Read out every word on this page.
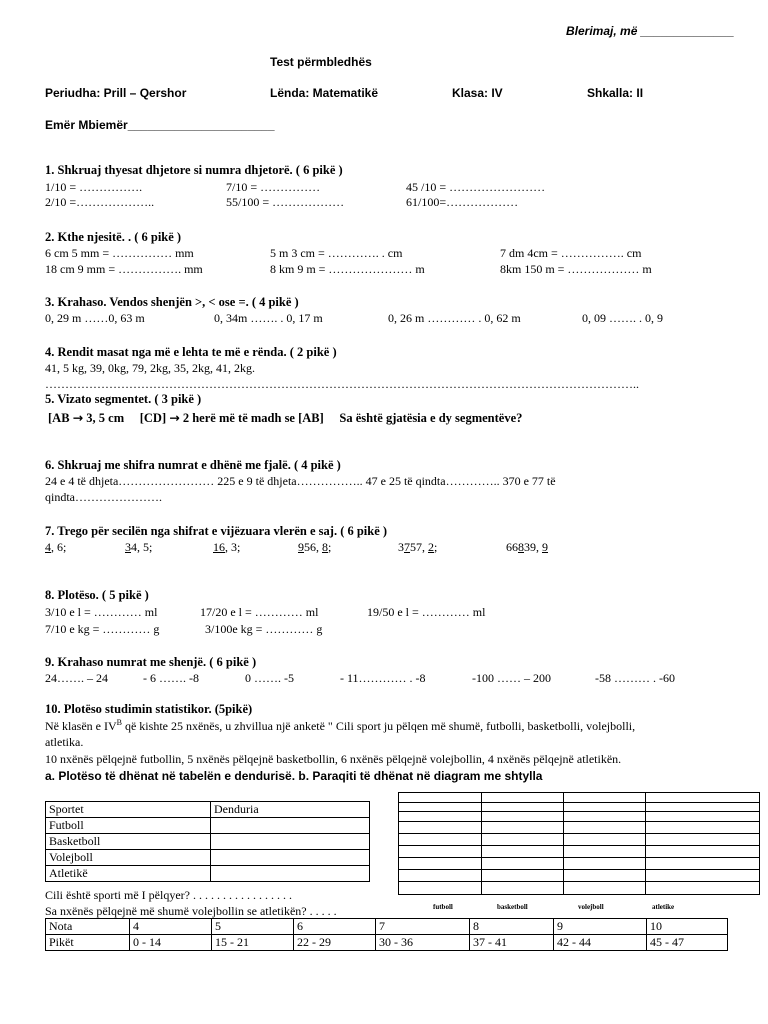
Blerimaj, më ______________
Test përmbledhës
Periudha: Prill – Qershor	Lënda: Matematikë	Klasa: IV	Shkalla: II
Emër Mbiemër______________________
1. Shkruaj thyesat dhjetore si numra dhjetorë. ( 6 pikë )
1/10 = …………….	7/10 = ……………	45 /10 = ……………………
2/10 =………………..	55/100 = ………………	61/100=………………
2. Kthe njesitë. . ( 6 pikë )
6 cm 5 mm = …………… mm	5 m 3 cm = …………. . cm	7 dm 4cm = ……………. cm
18 cm 9 mm = ……………. mm	8 km 9 m = ………………… m	8km 150 m = ……………… m
3. Krahaso. Vendos shenjën >, < ose =. ( 4 pikë )
0, 29 m ……0, 63 m	0, 34m ……. . 0, 17 m	0, 26 m ………… . 0, 62 m	0, 09 ……. . 0, 9
4. Rendit masat nga më e lehta te më e rënda. ( 2 pikë )
41, 5 kg, 39, 0kg, 79, 2kg, 35, 2kg, 41, 2kg.
…………………………………………………………………………………………………………………………………..
5. Vizato segmentet. ( 3 pikë )
[AB → 3, 5 cm [CD] → 2 herë më të madh se [AB] Sa është gjatësia e dy segmentëve?
6. Shkruaj me shifra numrat e dhënë me fjalë. ( 4 pikë )
24 e 4 të dhjeta…………………… 225 e 9 të dhjeta…………….. 47 e 25 të qindta………….. 370 e 77 të
qindta………………….
7. Trego për secilën nga shifrat e vijëzuara vlerën e saj. ( 6 pikë )
4, 6;	34, 5;	16, 3;	956, 8;	3757, 2;	66839, 9
8. Plotëso. ( 5 pikë )
3/10 e l = ………… ml	17/20 e l = ………… ml	19/50 e l = ………… ml
7/10 e kg = ………… g	3/100e kg = ………… g
9. Krahaso numrat me shenjë. ( 6 pikë )
24……. – 24	- 6 ……. -8	0 ……. -5	- 11………… . -8	-100 …… – 200	-58 ……… . -60
10. Plotëso studimin statistikor. (5pikë)
Në klasën e $IV^B$ që kishte 25 nxënës, u zhvillua një anketë " Cili sport ju pëlqen më shumë, futbolli, basketbolli, volejbolli,
atletika.
10 nxënës pëlqejnë futbollin, 5 nxënës pëlqejnë basketbollin, 6 nxënës pëlqejnë volejbollin, 4 nxënës pëlqejnë atletikën.
a. Plotëso të dhënat në tabelën e dendurisë. b. Paraqiti të dhënat në diagram me shtylla
Sportet	Denduria
Futboll	
Basketboll	
Volejboll	
Atletikë	
futboll	basketboll	volejboll	atletike
Cili është sporti më I pëlqyer? . . . . . . . . . . . . . . . . .
Sa nxënës pëlqejnë më shumë volejbollin se atletikën? . . . . .
Nota	4	5	6	7	8	9	10
Pikët	0 - 14	15 - 21	22 - 29	30 - 36	37 - 41	42 - 44	45 - 47
